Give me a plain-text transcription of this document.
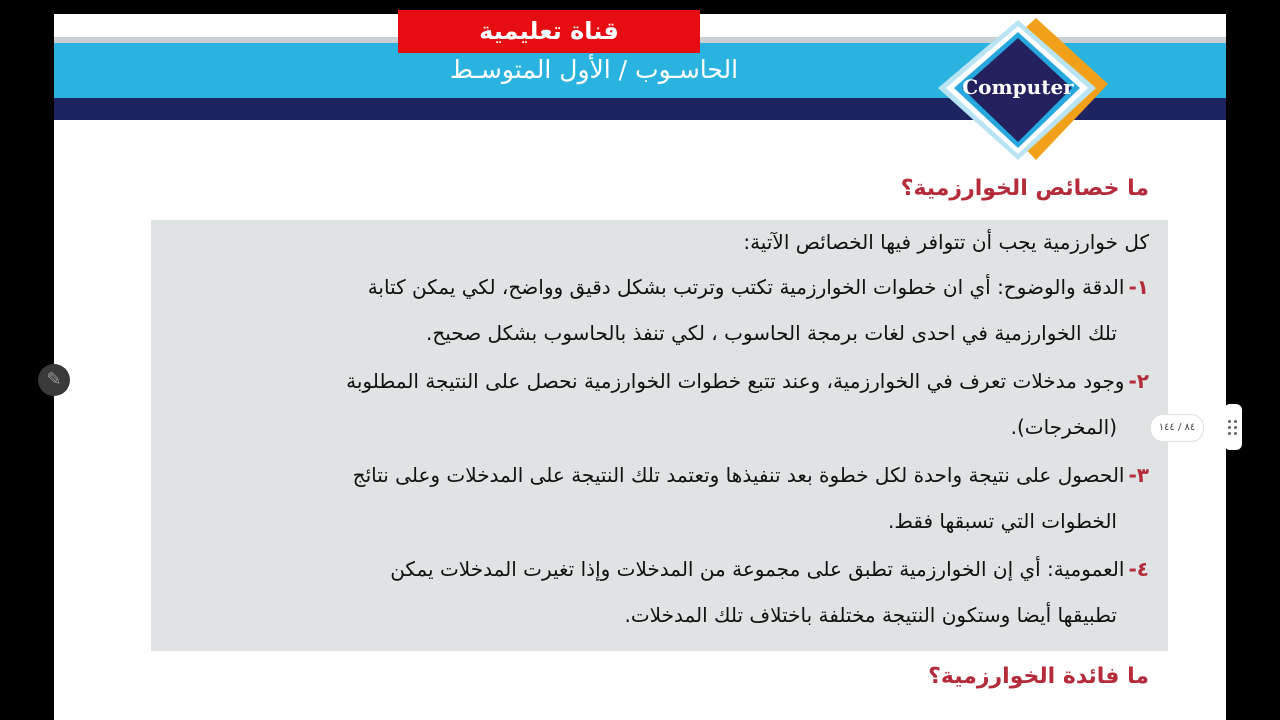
الحاسـوب / الأول المتوسـط
قناة تعليمية
Computer
ما خصائص الخوارزمية؟
كل خوارزمية يجب أن تتوافر فيها الخصائص الآتية:
١-الدقة والوضوح: أي ان خطوات الخوارزمية تكتب وترتب بشكل دقيق وواضح، لكي يمكن كتابة
تلك الخوارزمية في احدى لغات برمجة الحاسوب ، لكي تنفذ بالحاسوب بشكل صحيح.
٢-وجود مدخلات تعرف في الخوارزمية، وعند تتبع خطوات الخوارزمية نحصل على النتيجة المطلوبة
(المخرجات).
٣-الحصول على نتيجة واحدة لكل خطوة بعد تنفيذها وتعتمد تلك النتيجة على المدخلات وعلى نتائج
الخطوات التي تسبقها فقط.
٤-العمومية: أي إن الخوارزمية تطبق على مجموعة من المدخلات وإذا تغيرت المدخلات يمكن
تطبيقها أيضا وستكون النتيجة مختلفة باختلاف تلك المدخلات.
ما فائدة الخوارزمية؟
✎
٨٤ / ١٤٤
